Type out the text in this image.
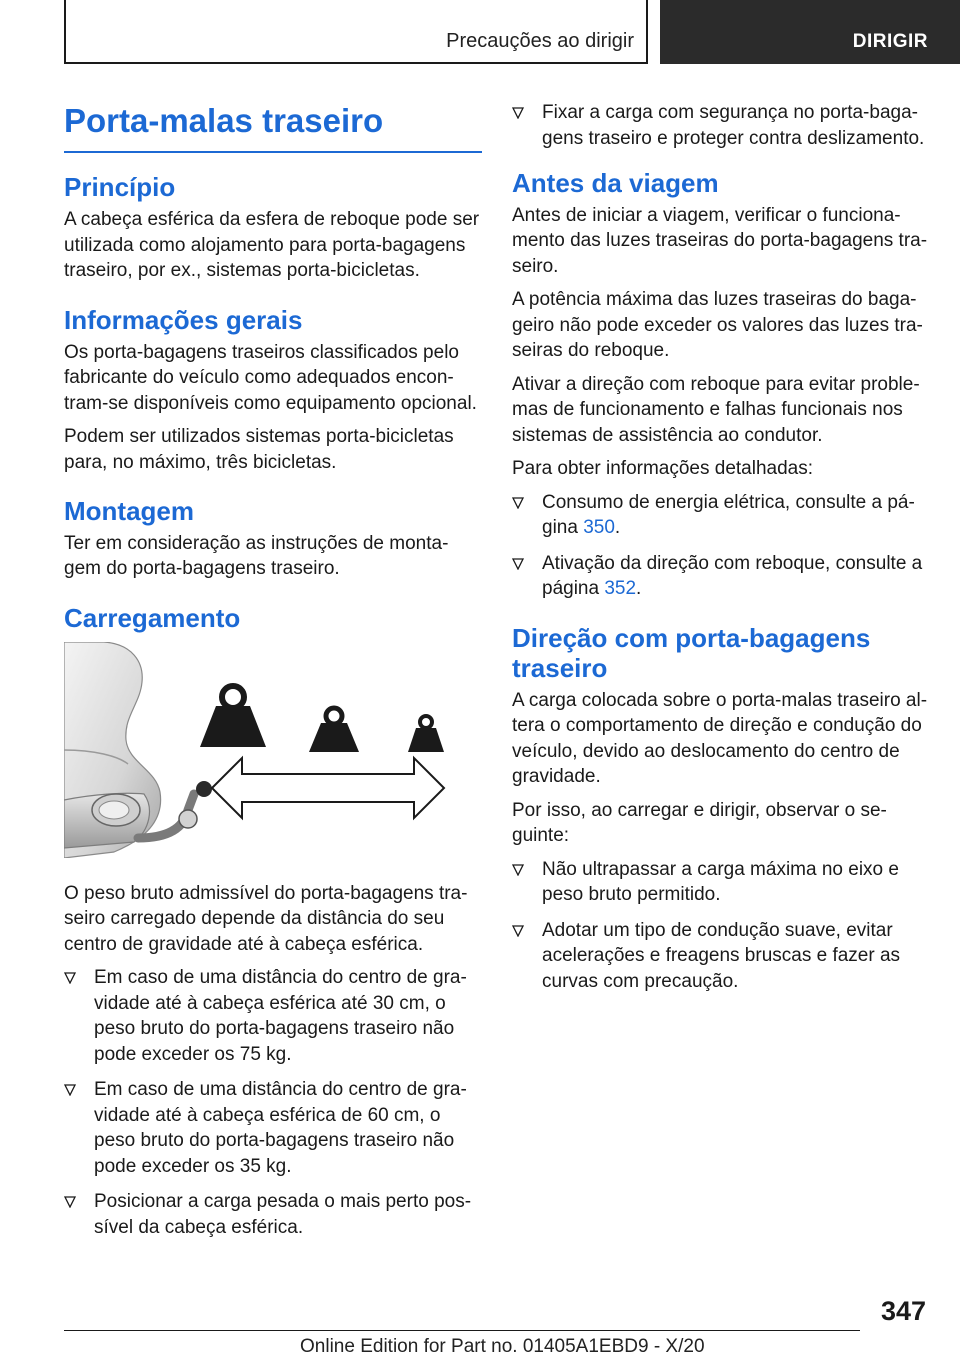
Precauções ao dirigir	DIRIGIR
Porta-malas traseiro
Princípio

A cabeça esférica da esfera de reboque pode ser utilizada como alojamento para porta-bagagens traseiro, por ex., sistemas porta-bicicletas.

Informações gerais

Os porta-bagagens traseiros classificados pelo fabricante do veículo como adequados encon-tram-se disponíveis como equipamento opcional.

Podem ser utilizados sistemas porta-bicicletas para, no máximo, três bicicletas.

Montagem

Ter em consideração as instruções de monta-gem do porta-bagagens traseiro.

Carregamento

O peso bruto admissível do porta-bagagens tra-seiro carregado depende da distância do seu centro de gravidade até à cabeça esférica.

Em caso de uma distância do centro de gra-vidade até à cabeça esférica até 30 cm, o peso bruto do porta-bagagens traseiro não pode exceder os 75 kg.
Em caso de uma distância do centro de gra-vidade até à cabeça esférica de 60 cm, o peso bruto do porta-bagagens traseiro não pode exceder os 35 kg.
Posicionar a carga pesada o mais perto pos-sível da cabeça esférica.
Fixar a carga com segurança no porta-baga-gens traseiro e proteger contra deslizamento.
Antes da viagem

Antes de iniciar a viagem, verificar o funciona-mento das luzes traseiras do porta-bagagens tra-seiro.

A potência máxima das luzes traseiras do baga-geiro não pode exceder os valores das luzes tra-seiras do reboque.

Ativar a direção com reboque para evitar proble-mas de funcionamento e falhas funcionais nos sistemas de assistência ao condutor.

Para obter informações detalhadas:

Consumo de energia elétrica, consulte a pá-gina 350.
Ativação da direção com reboque, consulte a página 352.
Direção com porta-bagagens traseiro

A carga colocada sobre o porta-malas traseiro al-tera o comportamento de direção e condução do veículo, devido ao deslocamento do centro de gravidade.

Por isso, ao carregar e dirigir, observar o se-guinte:

Não ultrapassar a carga máxima no eixo e peso bruto permitido.
Adotar um tipo de condução suave, evitar acelerações e freagens bruscas e fazer as curvas com precaução.
347
Online Edition for Part no. 01405A1EBD9 - X/20
